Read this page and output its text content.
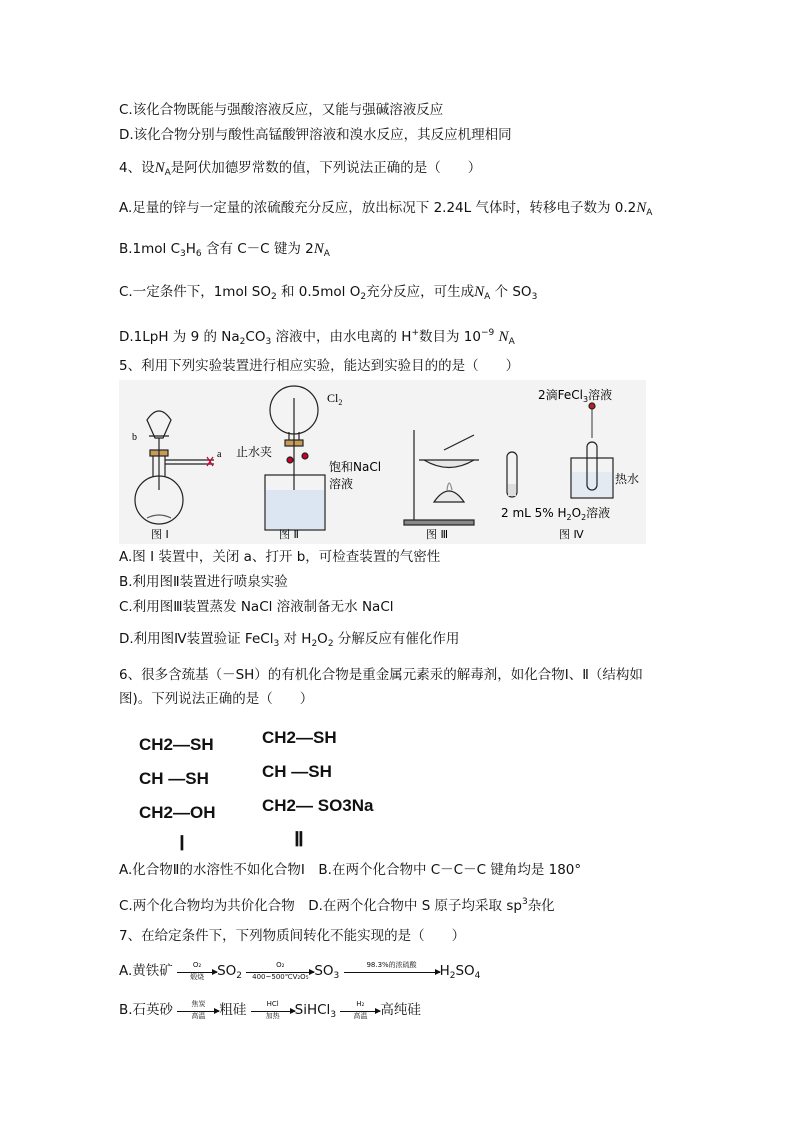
C.该化合物既能与强酸溶液反应，又能与强碱溶液反应
D.该化合物分别与酸性高锰酸钾溶液和溴水反应，其反应机理相同
4、设$N_A$是阿伏加德罗常数的值，下列说法正确的是（　　）
A.足量的锌与一定量的浓硫酸充分反应，放出标况下 2.24L 气体时，转移电子数为 $0.2N_A$
B.1mol $C_3H_6$ 含有 C－C 键为 $2N_A$
C.一定条件下，1mol $SO_2$ 和 0.5mol $O_2$充分反应，可生成$N_A$ 个 $SO_3$
D.1LpH 为 9 的 $Na_2CO_3$ 溶液中，由水电离的 H+数目为 $10^{-9}$ $N_A$
5、利用下列实验装置进行相应实验，能达到实验目的的是（　　）
b
a
图 Ⅰ
$Cl_2$
止水夹
饱和NaCl
溶液
图 Ⅱ	图 Ⅲ
2滴FeCl$_3$溶液
热水
2 mL 5% $H_2O_2$溶液
图 Ⅳ
A.图 I 装置中，关闭 a、打开 b，可检查装置的气密性
B.利用图Ⅱ装置进行喷泉实验
C.利用图Ⅲ装置蒸发 NaCl 溶液制备无水 NaCl
D.利用图Ⅳ装置验证 FeCl$_3$ 对 $H_2O_2$ 分解反应有催化作用
6、很多含巯基（－SH）的有机化合物是重金属元素汞的解毒剂，如化合物Ⅰ、Ⅱ（结构如
图)。下列说法正确的是（　　）
CH2—SH
CH —SH
CH2—OH
Ⅰ
CH2—SH
CH —SH
CH2— SO3Na
Ⅱ
A.化合物Ⅱ的水溶性不如化合物Ⅰ　B.在两个化合物中 C－C－C 键角均是 180°
C.两个化合物均为共价化合物　D.在两个化合物中 S 原子均采取 $sp^3$杂化
7、在给定条件下，下列物质间转化不能实现的是（　　）
A.黄铁矿	O₂
煅烧 $SO_2 \frac{\text{O₂}}{\text{400\textasciitilde{}500℃V₂O₅}} SO_3$
98.3%的浓硫酸	$H_2SO_4$
B.石英砂	焦炭
高温	粗硅	HCl
加热	SiHCl$_3$
H₂
高温 高纯硅
